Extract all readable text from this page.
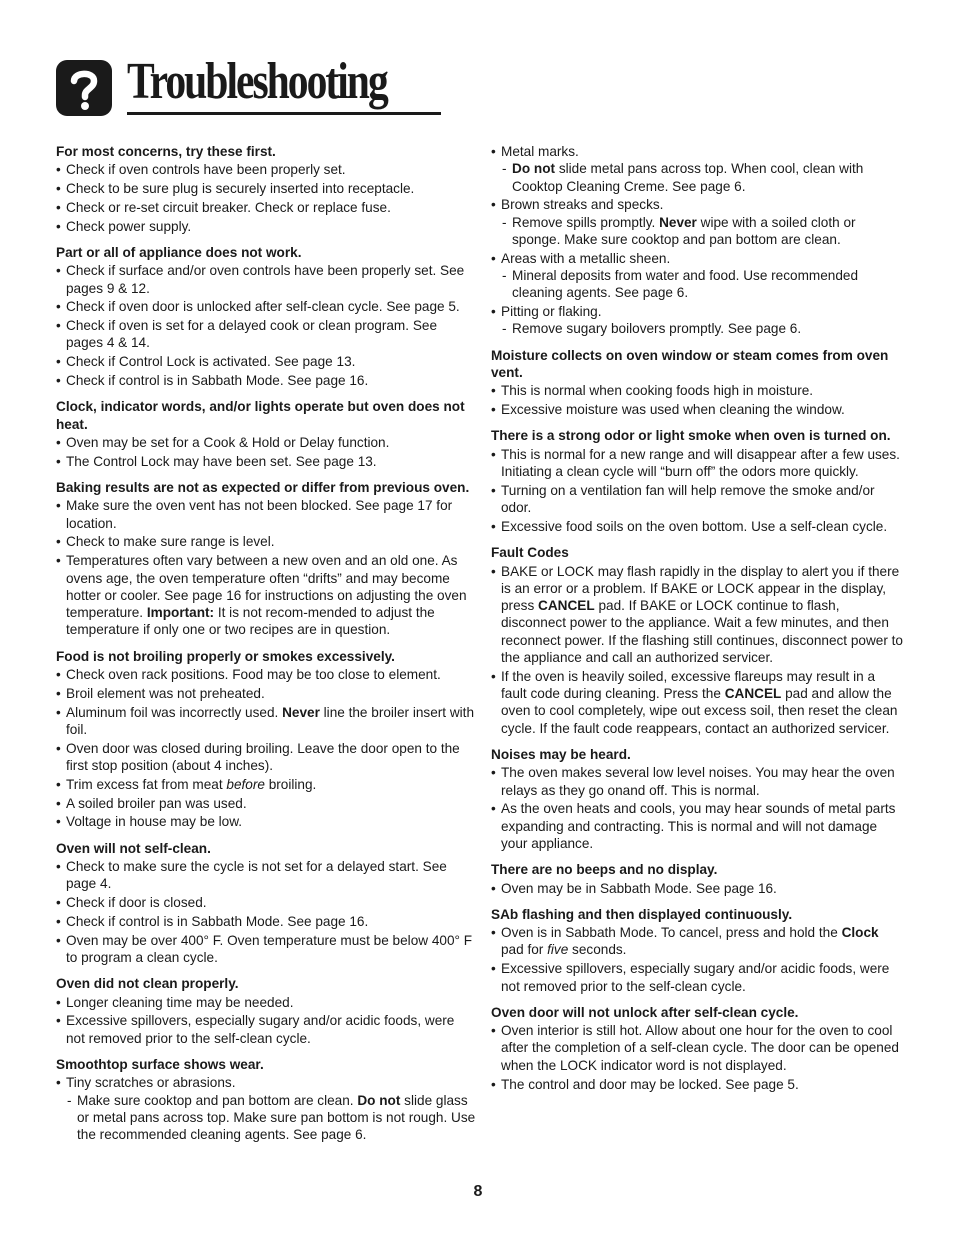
Troubleshooting
For most concerns, try these first.
• Check if oven controls have been properly set.
• Check to be sure plug is securely inserted into receptacle.
• Check or re-set circuit breaker. Check or replace fuse.
• Check power supply.
Part or all of appliance does not work.
• Check if surface and/or oven controls have been properly set. See pages 9 & 12.
• Check if oven door is unlocked after self-clean cycle. See page 5.
• Check if oven is set for a delayed cook or clean program. See pages 4 & 14.
• Check if Control Lock is activated. See page 13.
• Check if control is in Sabbath Mode. See page 16.
Clock, indicator words, and/or lights operate but oven does not heat.
• Oven may be set for a Cook & Hold or Delay function.
• The Control Lock may have been set. See page 13.
Baking results are not as expected or differ from previous oven.
• Make sure the oven vent has not been blocked. See page 17 for location.
• Check to make sure range is level.
• Temperatures often vary between a new oven and an old one. As ovens age, the oven temperature often “drifts” and may become hotter or cooler. See page 16 for instructions on adjusting the oven temperature. Important: It is not recom-mended to adjust the temperature if only one or two recipes are in question.
Food is not broiling properly or smokes excessively.
• Check oven rack positions. Food may be too close to element.
• Broil element was not preheated.
• Aluminum foil was incorrectly used. Never line the broiler insert with foil.
• Oven door was closed during broiling. Leave the door open to the first stop position (about 4 inches).
• Trim excess fat from meat before broiling.
• A soiled broiler pan was used.
• Voltage in house may be low.
Oven will not self-clean.
• Check to make sure the cycle is not set for a delayed start. See page 4.
• Check if door is closed.
• Check if control is in Sabbath Mode. See page 16.
• Oven may be over 400° F. Oven temperature must be below 400° F to program a clean cycle.
Oven did not clean properly.
• Longer cleaning time may be needed.
• Excessive spillovers, especially sugary and/or acidic foods, were not removed prior to the self-clean cycle.
Smoothtop surface shows wear.
• Tiny scratches or abrasions.
- Make sure cooktop and pan bottom are clean. Do not slide glass or metal pans across top. Make sure pan bottom is not rough. Use the recommended cleaning agents. See page 6.
• Metal marks.
- Do not slide metal pans across top. When cool, clean with Cooktop Cleaning Creme. See page 6.
• Brown streaks and specks.
- Remove spills promptly. Never wipe with a soiled cloth or sponge. Make sure cooktop and pan bottom are clean.
• Areas with a metallic sheen.
- Mineral deposits from water and food. Use recommended cleaning agents. See page 6.
• Pitting or flaking.
- Remove sugary boilovers promptly. See page 6.
Moisture collects on oven window or steam comes from oven vent.
• This is normal when cooking foods high in moisture.
• Excessive moisture was used when cleaning the window.
There is a strong odor or light smoke when oven is turned on.
• This is normal for a new range and will disappear after a few uses. Initiating a clean cycle will “burn off” the odors more quickly.
• Turning on a ventilation fan will help remove the smoke and/or odor.
• Excessive food soils on the oven bottom. Use a self-clean cycle.
Fault Codes
• BAKE or LOCK may flash rapidly in the display to alert you if there is an error or a problem. If BAKE or LOCK appear in the display, press CANCEL pad. If BAKE or LOCK continue to flash, disconnect power to the appliance. Wait a few minutes, and then reconnect power. If the flashing still continues, disconnect power to the appliance and call an authorized servicer.
• If the oven is heavily soiled, excessive flareups may result in a fault code during cleaning. Press the CANCEL pad and allow the oven to cool completely, wipe out excess soil, then reset the clean cycle. If the fault code reappears, contact an authorized servicer.
Noises may be heard.
• The oven makes several low level noises. You may hear the oven relays as they go onand off. This is normal.
• As the oven heats and cools, you may hear sounds of metal parts expanding and contracting. This is normal and will not damage your appliance.
There are no beeps and no display.
• Oven may be in Sabbath Mode. See page 16.
SAb flashing and then displayed continuously.
• Oven is in Sabbath Mode. To cancel, press and hold the Clock pad for five seconds.
• Excessive spillovers, especially sugary and/or acidic foods, were not removed prior to the self-clean cycle.
Oven door will not unlock after self-clean cycle.
• Oven interior is still hot. Allow about one hour for the oven to cool after the completion of a self-clean cycle. The door can be opened when the LOCK indicator word is not displayed.
• The control and door may be locked. See page 5.
8
